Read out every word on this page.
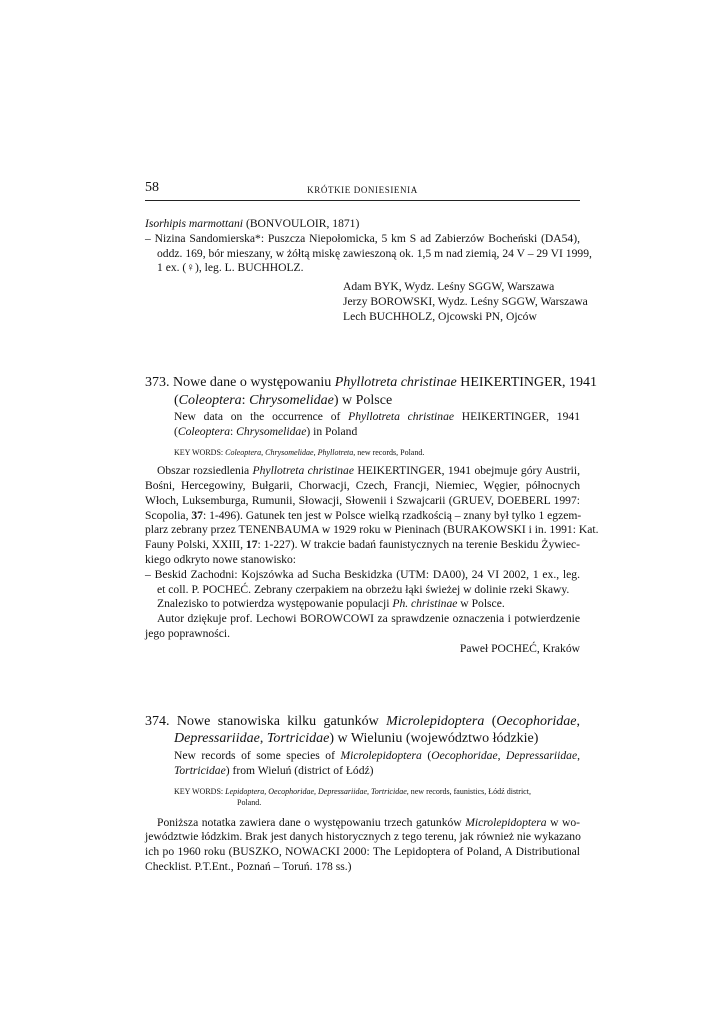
58	KRÓTKIE DONIESIENIA
Isorhipis marmottani (BONVOULOIR, 1871)
– Nizina Sandomierska*: Puszcza Niepołomicka, 5 km S ad Zabierzów Bocheński (DA54),
oddz. 169, bór mieszany, w żółtą miskę zawieszoną ok. 1,5 m nad ziemią, 24 V – 29 VI 1999,
1 ex. (♀), leg. L. BUCHHOLZ.
Adam BYK, Wydz. Leśny SGGW, Warszawa
Jerzy BOROWSKI, Wydz. Leśny SGGW, Warszawa
Lech BUCHHOLZ, Ojcowski PN, Ojców
373. Nowe dane o występowaniu Phyllotreta christinae HEIKERTINGER, 1941
(Coleoptera: Chrysomelidae) w Polsce
New data on the occurrence of Phyllotreta christinae HEIKERTINGER, 1941
(Coleoptera: Chrysomelidae) in Poland
KEY WORDS: Coleoptera, Chrysomelidae, Phyllotreta, new records, Poland.
Obszar rozsiedlenia Phyllotreta christinae HEIKERTINGER, 1941 obejmuje góry Austrii,
Bośni, Hercegowiny, Bułgarii, Chorwacji, Czech, Francji, Niemiec, Węgier, północnych
Włoch, Luksemburga, Rumunii, Słowacji, Słowenii i Szwajcarii (GRUEV, DOEBERL 1997:
Scopolia, 37: 1-496). Gatunek ten jest w Polsce wielką rzadkością – znany był tylko 1 egzem-
plarz zebrany przez TENENBAUMA w 1929 roku w Pieninach (BURAKOWSKI i in. 1991: Kat.
Fauny Polski, XXIII, 17: 1-227). W trakcie badań faunistycznych na terenie Beskidu Żywiec-
kiego odkryto nowe stanowisko:
– Beskid Zachodni: Kojszówka ad Sucha Beskidzka (UTM: DA00), 24 VI 2002, 1 ex., leg.
et coll. P. POCHEĆ. Zebrany czerpakiem na obrzeżu łąki świeżej w dolinie rzeki Skawy.
Znalezisko to potwierdza występowanie populacji Ph. christinae w Polsce.
Autor dziękuje prof. Lechowi BOROWCOWI za sprawdzenie oznaczenia i potwierdzenie
jego poprawności.
Paweł POCHEĆ, Kraków
374. Nowe stanowiska kilku gatunków Microlepidoptera (Oecophoridae,
Depressariidae, Tortricidae) w Wieluniu (województwo łódzkie)
New records of some species of Microlepidoptera (Oecophoridae, Depressariidae,
Tortricidae) from Wieluń (district of Łódź)
KEY WORDS: Lepidoptera, Oecophoridae, Depressariidae, Tortricidae, new records, faunistics, Łódź district,
Poland.
Poniższa notatka zawiera dane o występowaniu trzech gatunków Microlepidoptera w wo-
jewództwie łódzkim. Brak jest danych historycznych z tego terenu, jak również nie wykazano
ich po 1960 roku (BUSZKO, NOWACKI 2000: The Lepidoptera of Poland, A Distributional
Checklist. P.T.Ent., Poznań – Toruń. 178 ss.)
